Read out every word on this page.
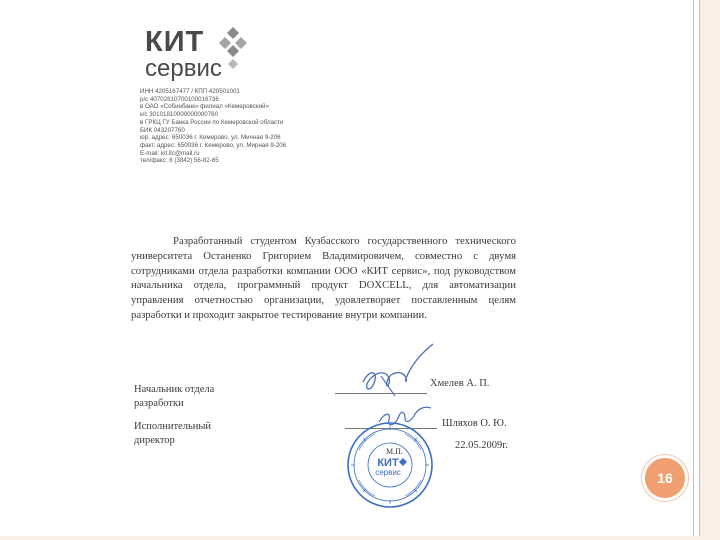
КИТ
сервис
ИНН 4205167477 / КПП 420501001
р/с 40702810700100016736
в ОАО «Собинбанк» филиал «Кемеровский»
к/с 30101810000000000760
в ГРКЦ ГУ Банка России по Кемеровской области
БИК 043207760
юр. адрес: 650036 г. Кемерово, ул. Мичная 9-206
факт. адрес: 650036 г. Кемерово, ул. Мирная 9-206
E-mail: kit.llc@mail.ru
тел/факс: 8 (3842) 56-82-65

Разработанный студентом Кузбасского государственного технического университета Останенко Григорием Владимировичем, совместно с двумя сотрудниками отдела разработки компании ООО «КИТ сервис», под руководством начальника отдела, программный продукт DOXCELL, для автоматизации управления отчетностью организации, удовлетворяет поставленным целям разработки и проходит закрытое тестирование внутри компании.

Начальник отдела
разработки
Хмелев А. П.
Исполнительный
директор
Шляхов О. Ю.
22.05.2009г.
М.П.
КИТ
сервис	16
